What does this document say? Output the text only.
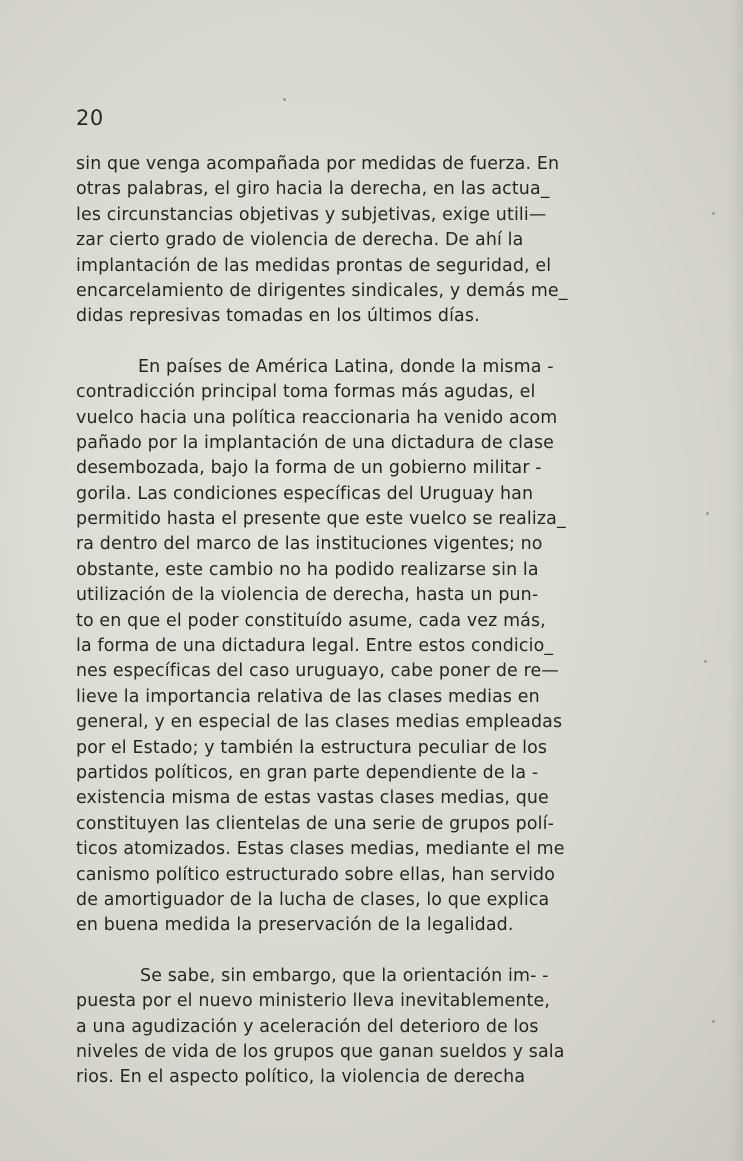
20
sin que venga acompañada por medidas de fuerza. En
otras palabras, el giro hacia la derecha, en las actua_
les circunstancias objetivas y subjetivas, exige utili—
zar cierto grado de violencia de derecha. De ahí la
implantación de las medidas prontas de seguridad, el
encarcelamiento de dirigentes sindicales, y demás me_
didas represivas tomadas en los últimos días.
En países de América Latina, donde la misma -
contradicción principal toma formas más agudas, el
vuelco hacia una política reaccionaria ha venido acom
pañado por la implantación de una dictadura de clase
desembozada, bajo la forma de un gobierno militar -
gorila. Las condiciones específicas del Uruguay han
permitido hasta el presente que este vuelco se realiza_
ra dentro del marco de las instituciones vigentes; no
obstante, este cambio no ha podido realizarse sin la
utilización de la violencia de derecha, hasta un pun-
to en que el poder constituído asume, cada vez más,
la forma de una dictadura legal. Entre estos condicio_
nes específicas del caso uruguayo, cabe poner de re—
lieve la importancia relativa de las clases medias en
general, y en especial de las clases medias empleadas
por el Estado; y también la estructura peculiar de los
partidos políticos, en gran parte dependiente de la -
existencia misma de estas vastas clases medias, que
constituyen las clientelas de una serie de grupos polí-
ticos atomizados. Estas clases medias, mediante el me
canismo político estructurado sobre ellas, han servido
de amortiguador de la lucha de clases, lo que explica
en buena medida la preservación de la legalidad.
Se sabe, sin embargo, que la orientación im- -
puesta por el nuevo ministerio lleva inevitablemente,
a una agudización y aceleración del deterioro de los
niveles de vida de los grupos que ganan sueldos y sala
rios. En el aspecto político, la violencia de derecha
